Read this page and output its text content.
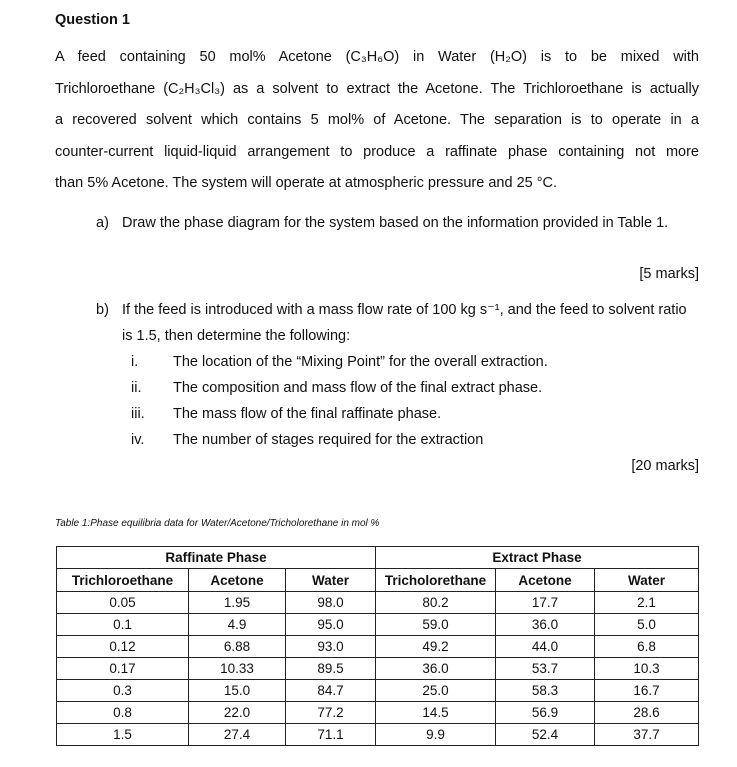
Question 1
A feed containing 50 mol% Acetone (C₃H₆O) in Water (H₂O) is to be mixed with
Trichloroethane (C₂H₃Cl₃) as a solvent to extract the Acetone. The Trichloroethane is actually
a recovered solvent which contains 5 mol% of Acetone. The separation is to operate in a
counter-current liquid-liquid arrangement to produce a raffinate phase containing not more
than 5% Acetone. The system will operate at atmospheric pressure and 25 °C.
a) Draw the phase diagram for the system based on the information provided in Table 1.
[5 marks]
b) If the feed is introduced with a mass flow rate of 100 kg s⁻¹, and the feed to solvent ratio is 1.5, then determine the following:
i. The location of the “Mixing Point” for the overall extraction.
ii. The composition and mass flow of the final extract phase.
iii. The mass flow of the final raffinate phase.
iv. The number of stages required for the extraction
[20 marks]
Table 1:Phase equilibria data for Water/Acetone/Tricholorethane in mol %
Raffinate Phase			Extract Phase		
Trichloroethane	Acetone	Water	Tricholorethane	Acetone	Water
0.05	1.95	98.0	80.2	17.7	2.1
0.1	4.9	95.0	59.0	36.0	5.0
0.12	6.88	93.0	49.2	44.0	6.8
0.17	10.33	89.5	36.0	53.7	10.3
0.3	15.0	84.7	25.0	58.3	16.7
0.8	22.0	77.2	14.5	56.9	28.6
1.5	27.4	71.1	9.9	52.4	37.7
